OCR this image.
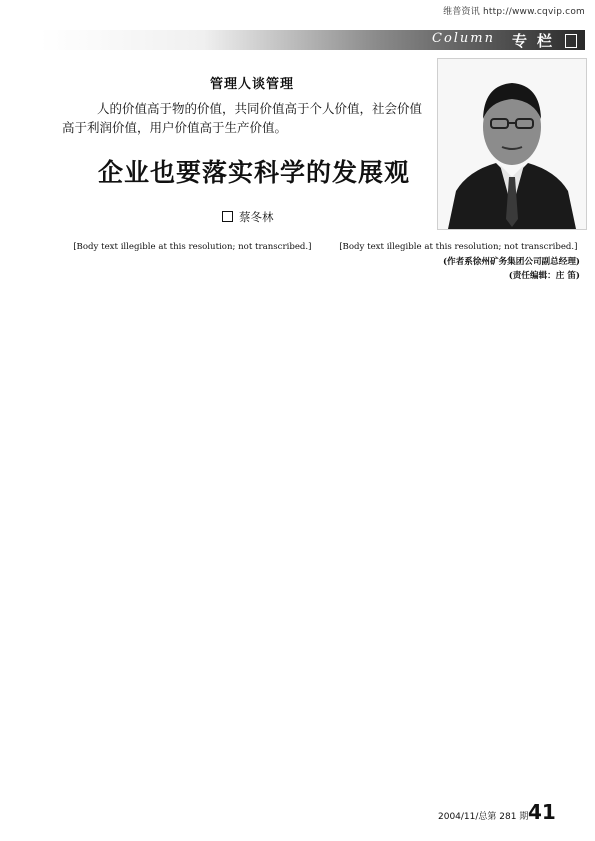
维普资讯 http://www.cqvip.com
Column 专栏
管理人谈管理
人的价值高于物的价值，共同价值高于个人价值，社会价值
高于利润价值，用户价值高于生产价值。
企业也要落实科学的发展观
蔡冬林

[Body text illegible at this resolution; not transcribed.]	[Body text illegible at this resolution; not transcribed.]

(作者系徐州矿务集团公司副总经理)

(责任编辑：庄 笛)

2004/11/总第 281 期 41
